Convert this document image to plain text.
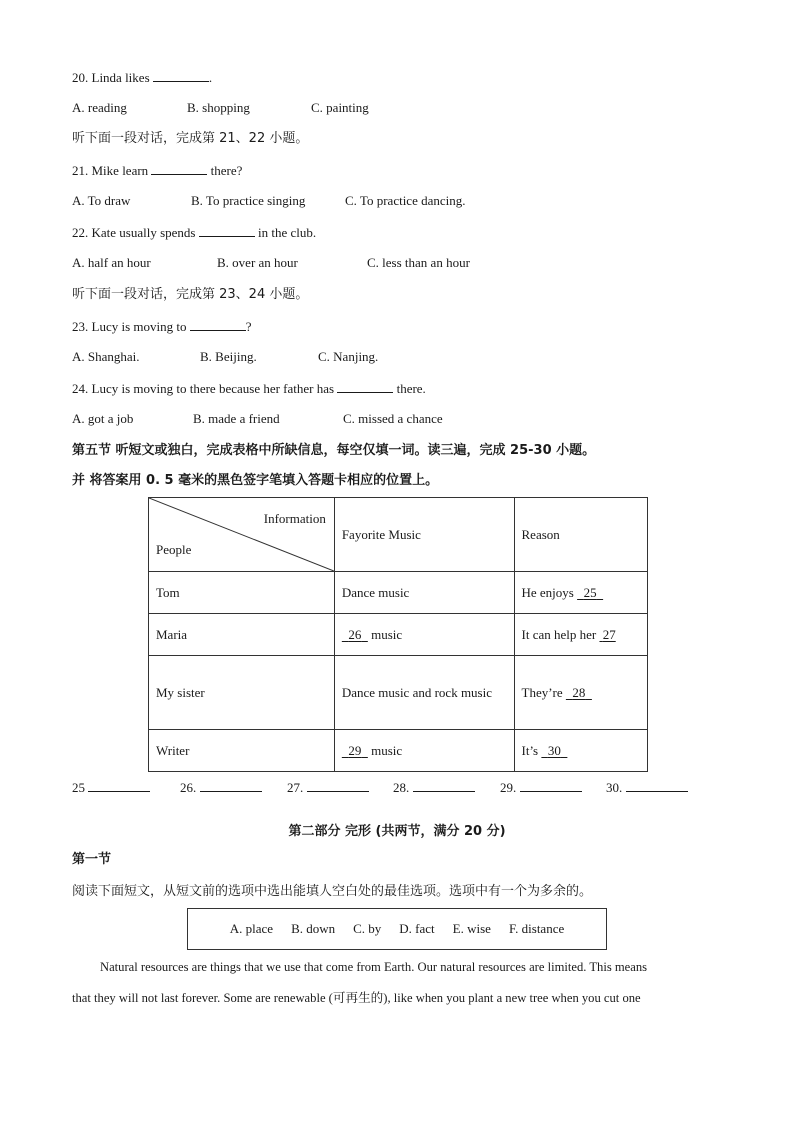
20. Linda likes	.
A. reading	B. shopping	C. painting
听下面一段对话，完成第 21、22 小题。
21. Mike learn	there?
A. To draw	B. To practice singing	C. To practice dancing.
22. Kate usually spends	in the club.
A. half an hour	B. over an hour	C. less than an hour
听下面一段对话，完成第 23、24 小题。
23. Lucy is moving to	?
A. Shanghai.	B. Beijing.	C. Nanjing.
24. Lucy is moving to there because her father has	there.
A. got a job	B. made a friend	C. missed a chance
第五节 听短文或独白，完成表格中所缺信息，每空仅填一词。读三遍，完成 25-30 小题。
并 将答案用 0. 5 毫米的黑色签字笔填入答题卡相应的位置上。
Information
People	Fayorite Music	Reason
Tom	Dance music	He enjoys   25
Maria	26   music	It can help her  27
My sister	Dance music and rock music	They’re   28
Writer	29   music	It’s   30
25	26.	27.	28.	29.	30.
第二部分 完形 (共两节，满分 20 分)
第一节
阅读下面短文，从短文前的选项中选出能填人空白处的最佳选项。选项中有一个为多余的。
A. place B. down C. by D. fact E. wise F. distance
Natural resources are things that we use that come from Earth. Our natural resources are limited. This means
that they will not last forever. Some are renewable (可再生的), like when you plant a new tree when you cut one
